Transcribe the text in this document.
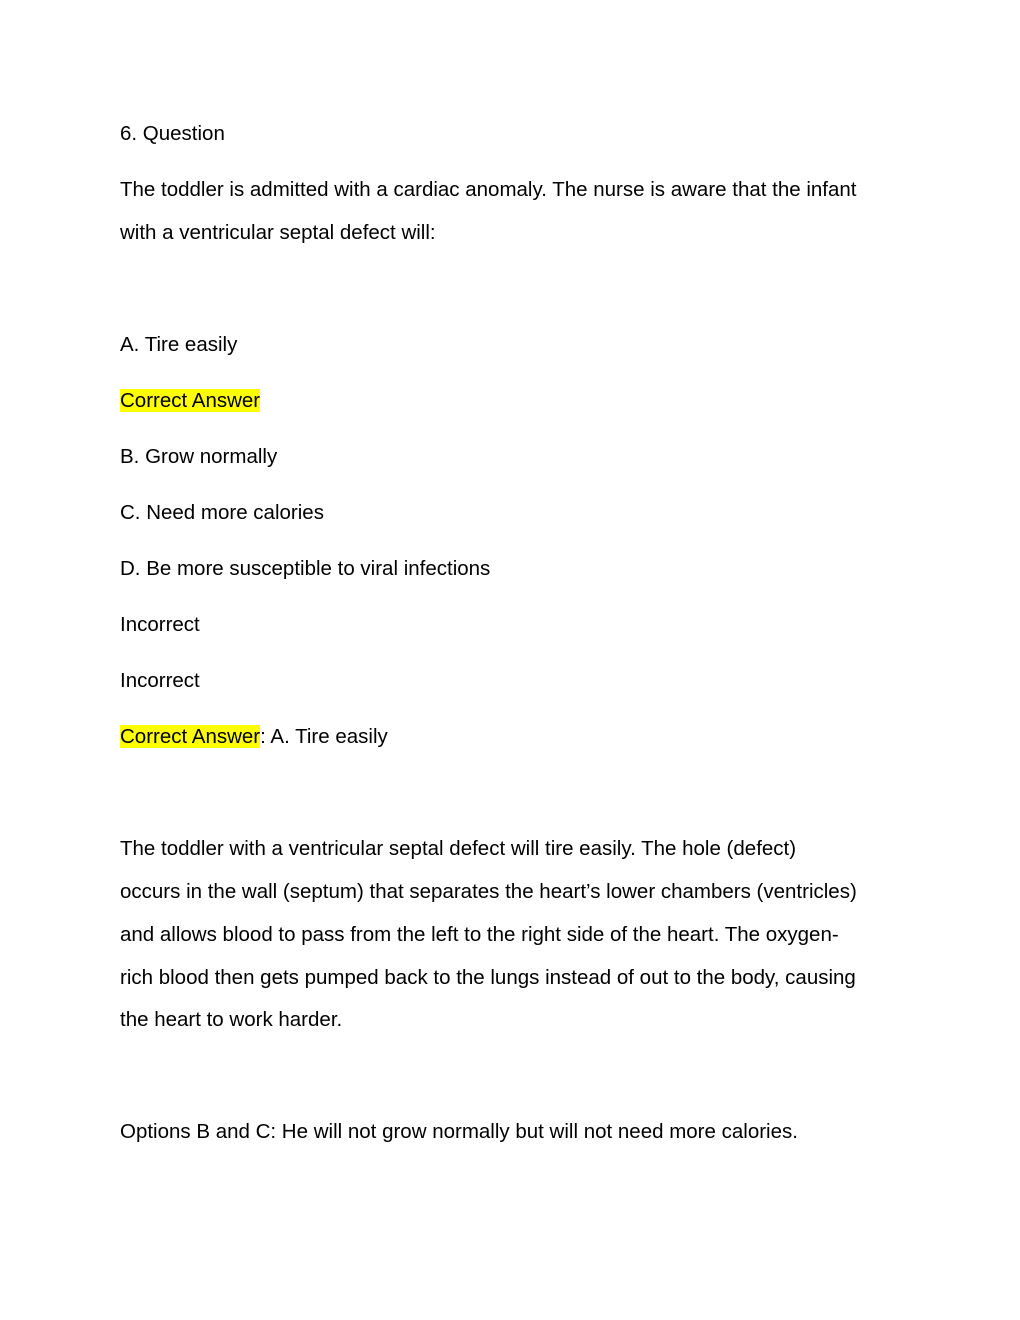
6. Question
The toddler is admitted with a cardiac anomaly. The nurse is aware that the infant
with a ventricular septal defect will:
A. Tire easily
Correct Answer
B. Grow normally
C. Need more calories
D. Be more susceptible to viral infections
Incorrect
Incorrect
Correct Answer: A. Tire easily
The toddler with a ventricular septal defect will tire easily. The hole (defect)
occurs in the wall (septum) that separates the heart’s lower chambers (ventricles)
and allows blood to pass from the left to the right side of the heart. The oxygen-
rich blood then gets pumped back to the lungs instead of out to the body, causing
the heart to work harder.
Options B and C: He will not grow normally but will not need more calories.
